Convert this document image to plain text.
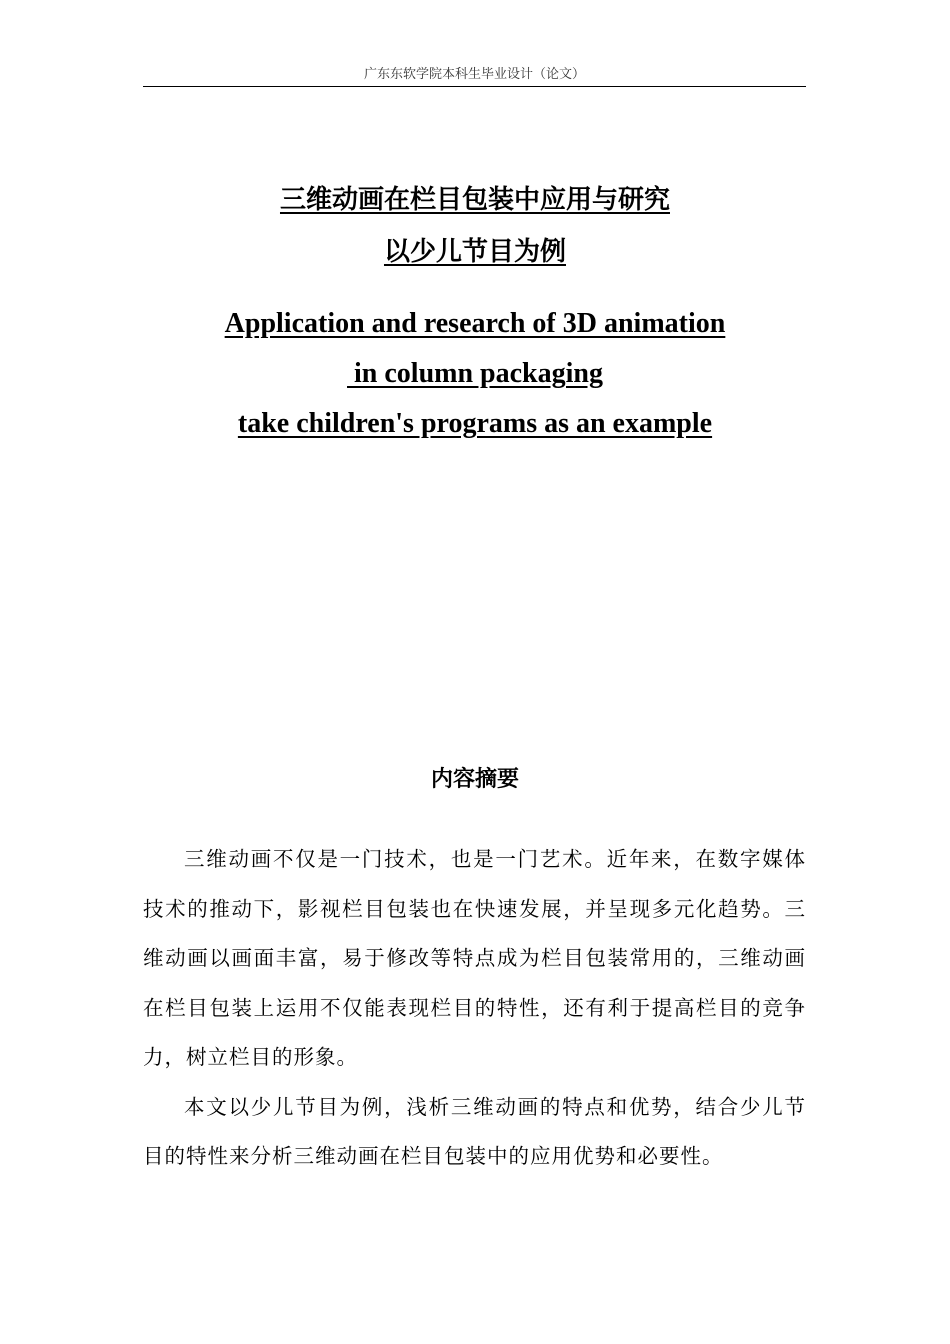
广东东软学院本科生毕业设计（论文）
三维动画在栏目包装中应用与研究
以少儿节目为例
Application and research of 3D animation
in column packaging
take children's programs as an example
内容摘要

三维动画不仅是一门技术，也是一门艺术。近年来，在数字媒体技术的推动下，影视栏目包装也在快速发展，并呈现多元化趋势。三维动画以画面丰富，易于修改等特点成为栏目包装常用的，三维动画在栏目包装上运用不仅能表现栏目的特性，还有利于提高栏目的竞争力，树立栏目的形象。

本文以少儿节目为例，浅析三维动画的特点和优势，结合少儿节目的特性来分析三维动画在栏目包装中的应用优势和必要性。
